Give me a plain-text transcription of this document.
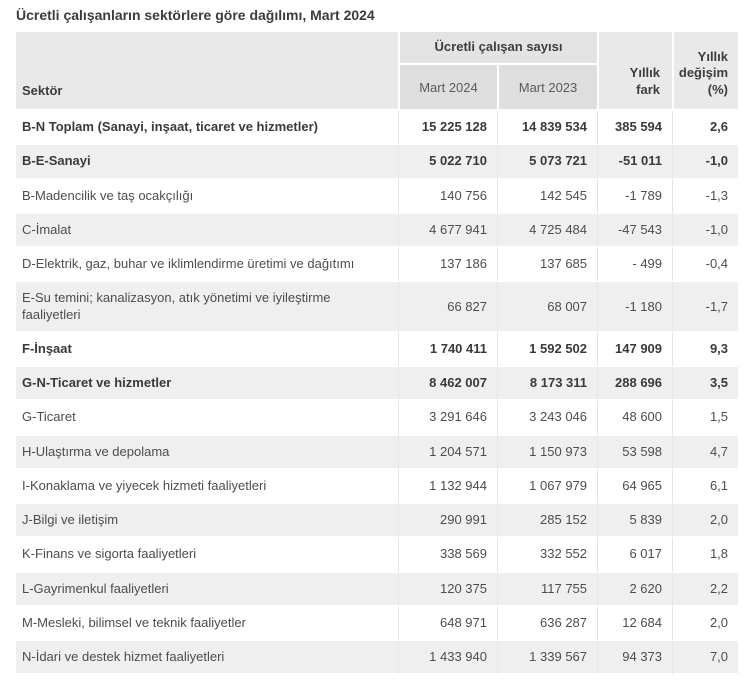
Ücretli çalışanların sektörlere göre dağılımı, Mart 2024
Sektör	Ücretli çalışan sayısı		Yıllık fark	Yıllık değişim (%)
	Mart 2024	Mart 2023		
B-N Toplam (Sanayi, inşaat, ticaret ve hizmetler)	15 225 128	14 839 534	385 594	2,6
B-E-Sanayi	5 022 710	5 073 721	-51 011	-1,0
B-Madencilik ve taş ocakçılığı	140 756	142 545	-1 789	-1,3
C-İmalat	4 677 941	4 725 484	-47 543	-1,0
D-Elektrik, gaz, buhar ve iklimlendirme üretimi ve dağıtımı	137 186	137 685	- 499	-0,4
E-Su temini; kanalizasyon, atık yönetimi ve iyileştirme faaliyetleri	66 827	68 007	-1 180	-1,7
F-İnşaat	1 740 411	1 592 502	147 909	9,3
G-N-Ticaret ve hizmetler	8 462 007	8 173 311	288 696	3,5
G-Ticaret	3 291 646	3 243 046	48 600	1,5
H-Ulaştırma ve depolama	1 204 571	1 150 973	53 598	4,7
I-Konaklama ve yiyecek hizmeti faaliyetleri	1 132 944	1 067 979	64 965	6,1
J-Bilgi ve iletişim	290 991	285 152	5 839	2,0
K-Finans ve sigorta faaliyetleri	338 569	332 552	6 017	1,8
L-Gayrimenkul faaliyetleri	120 375	117 755	2 620	2,2
M-Mesleki, bilimsel ve teknik faaliyetler	648 971	636 287	12 684	2,0
N-İdari ve destek hizmet faaliyetleri	1 433 940	1 339 567	94 373	7,0
